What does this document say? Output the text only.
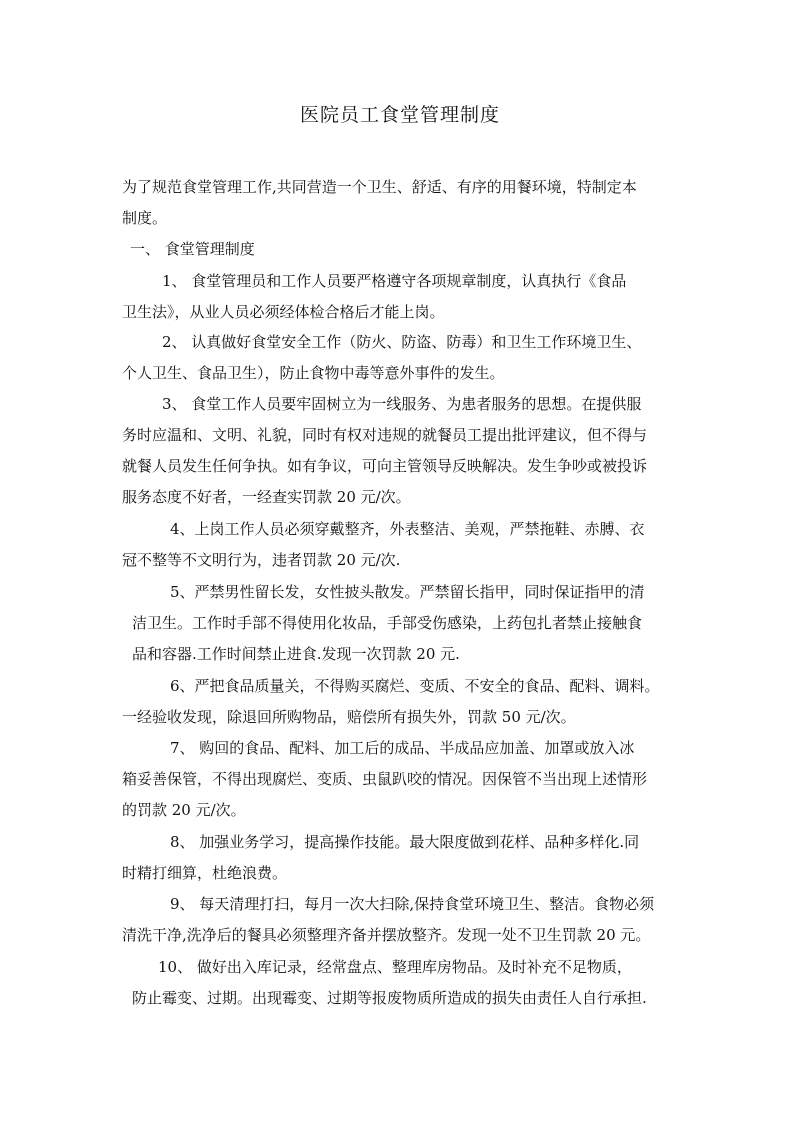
医院员工食堂管理制度

为了规范食堂管理工作,共同营造一个卫生、舒适、有序的用餐环境，特制定本
制度。

一、 食堂管理制度

1、 食堂管理员和工作人员要严格遵守各项规章制度，认真执行《食品
卫生法》，从业人员必须经体检合格后才能上岗。

2、 认真做好食堂安全工作（防火、防盗、防毒）和卫生工作环境卫生、
个人卫生、食品卫生），防止食物中毒等意外事件的发生。

3、 食堂工作人员要牢固树立为一线服务、为患者服务的思想。在提供服
务时应温和、文明、礼貌，同时有权对违规的就餐员工提出批评建议，但不得与
就餐人员发生任何争执。如有争议，可向主管领导反映解决。发生争吵或被投诉
服务态度不好者，一经查实罚款 20 元/次。

4、上岗工作人员必须穿戴整齐，外表整洁、美观，严禁拖鞋、赤膊、衣
冠不整等不文明行为，违者罚款 20 元/次.

5、严禁男性留长发，女性披头散发。严禁留长指甲，同时保证指甲的清
洁卫生。工作时手部不得使用化妆品，手部受伤感染，上药包扎者禁止接触食
品和容器.工作时间禁止进食.发现一次罚款 20 元.

6、严把食品质量关，不得购买腐烂、变质、不安全的食品、配料、调料。
一经验收发现，除退回所购物品，赔偿所有损失外，罚款 50 元/次。

7、 购回的食品、配料、加工后的成品、半成品应加盖、加罩或放入冰
箱妥善保管，不得出现腐烂、变质、虫鼠趴咬的情况。因保管不当出现上述情形
的罚款 20 元/次。

8、 加强业务学习，提高操作技能。最大限度做到花样、品种多样化.同
时精打细算，杜绝浪费。

9、 每天清理打扫，每月一次大扫除,保持食堂环境卫生、整洁。食物必须
清洗干净,洗净后的餐具必须整理齐备并摆放整齐。发现一处不卫生罚款 20 元。

10、 做好出入库记录，经常盘点、整理库房物品。及时补充不足物质，
防止霉变、过期。出现霉变、过期等报废物质所造成的损失由责任人自行承担.
